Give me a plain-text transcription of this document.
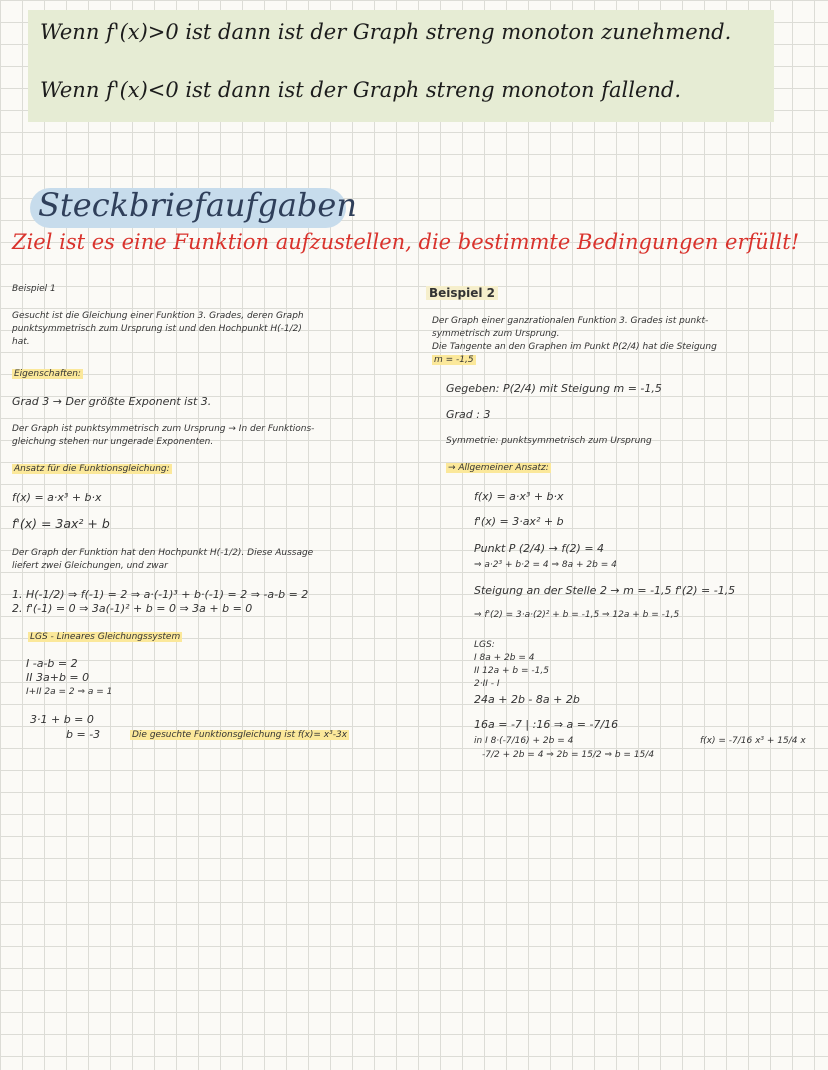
Wenn f'(x)>0 ist dann ist der Graph streng monoton zunehmend.
Wenn f'(x)<0 ist dann ist der Graph streng monoton fallend.
Steckbriefaufgaben
Ziel ist es eine Funktion aufzustellen, die bestimmte Bedingungen erfüllt!
Beispiel 1
Gesucht ist die Gleichung einer Funktion 3. Grades, deren Graph
punktsymmetrisch zum Ursprung ist und den Hochpunkt H(-1/2)
hat.
Eigenschaften:
Grad 3 → Der größte Exponent ist 3.
Der Graph ist punktsymmetrisch zum Ursprung → In der Funktions-
gleichung stehen nur ungerade Exponenten.
Ansatz für die Funktionsgleichung:
f(x) = a·x³ + b·x
f'(x) = 3ax² + b
Der Graph der Funktion hat den Hochpunkt H(-1/2). Diese Aussage
liefert zwei Gleichungen, und zwar
1. H(-1/2) ⇒ f(-1) = 2 ⇒ a·(-1)³ + b·(-1) = 2 ⇒ -a-b = 2
2. f'(-1) = 0 ⇒ 3a(-1)² + b = 0 ⇒ 3a + b = 0
LGS - Lineares Gleichungssystem
I -a-b = 2
II 3a+b = 0
I+II 2a = 2 ⇒ a = 1
3·1 + b = 0
b = -3	Die gesuchte Funktionsgleichung ist f(x)= x³-3x
Beispiel 2
Der Graph einer ganzrationalen Funktion 3. Grades ist punkt-
symmetrisch zum Ursprung.
Die Tangente an den Graphen im Punkt P(2/4) hat die Steigung
m = -1,5
Gegeben: P(2/4) mit Steigung m = -1,5
Grad : 3
Symmetrie: punktsymmetrisch zum Ursprung
→ Allgemeiner Ansatz:
f(x) = a·x³ + b·x
f'(x) = 3·ax² + b
Punkt P (2/4) → f(2) = 4
⇒ a·2³ + b·2 = 4 ⇒ 8a + 2b = 4
Steigung an der Stelle 2 → m = -1,5 f'(2) = -1,5
⇒ f'(2) = 3·a·(2)² + b = -1,5 ⇒ 12a + b = -1,5
LGS:
I 8a + 2b = 4
II 12a + b = -1,5
2·II - I
24a + 2b - 8a + 2b
16a = -7 | :16 ⇒ a = -7/16
in I 8·(-7/16) + 2b = 4
-7/2 + 2b = 4 ⇒ 2b = 15/2 ⇒ b = 15/4
f(x) = -7/16 x³ + 15/4 x
